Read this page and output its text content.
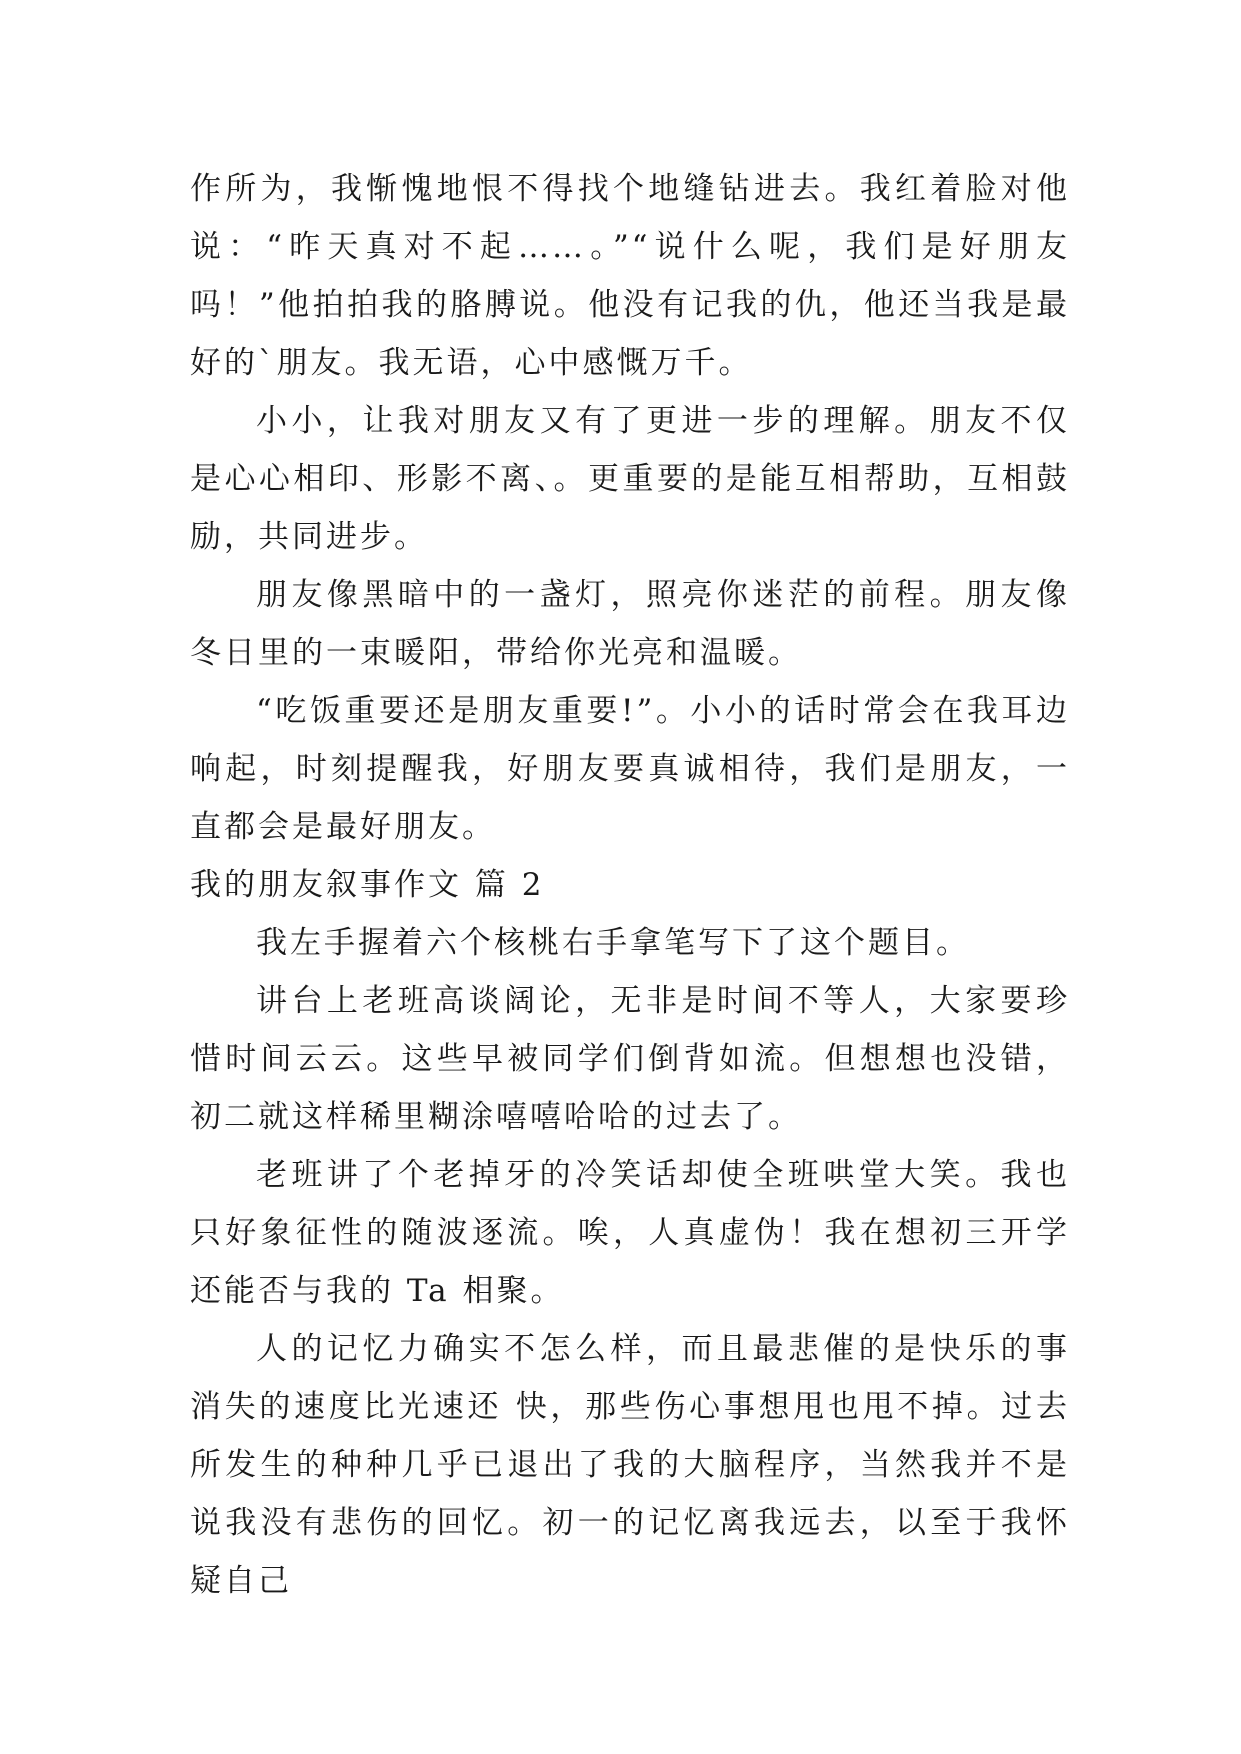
作所为，我惭愧地恨不得找个地缝钻进去。我红着脸对他说：“昨天真对不起……。”“说什么呢，我们是好朋友吗！”他拍拍我的胳膊说。他没有记我的仇，他还当我是最好的`朋友。我无语，心中感慨万千。

小小，让我对朋友又有了更进一步的理解。朋友不仅是心心相印、形影不离、。更重要的是能互相帮助，互相鼓励，共同进步。

朋友像黑暗中的一盏灯，照亮你迷茫的前程。朋友像冬日里的一束暖阳，带给你光亮和温暖。

“吃饭重要还是朋友重要!”。小小的话时常会在我耳边响起，时刻提醒我，好朋友要真诚相待，我们是朋友，一直都会是最好朋友。

我的朋友叙事作文 篇 2

我左手握着六个核桃右手拿笔写下了这个题目。

讲台上老班高谈阔论，无非是时间不等人，大家要珍惜时间云云。这些早被同学们倒背如流。但想想也没错，初二就这样稀里糊涂嘻嘻哈哈的过去了。

老班讲了个老掉牙的冷笑话却使全班哄堂大笑。我也只好象征性的随波逐流。唉，人真虚伪！我在想初三开学还能否与我的 Ta 相聚。

人的记忆力确实不怎么样，而且最悲催的是快乐的事消失的速度比光速还 快，那些伤心事想甩也甩不掉。过去所发生的种种几乎已退出了我的大脑程序，当然我并不是说我没有悲伤的回忆。初一的记忆离我远去，以至于我怀疑自己
